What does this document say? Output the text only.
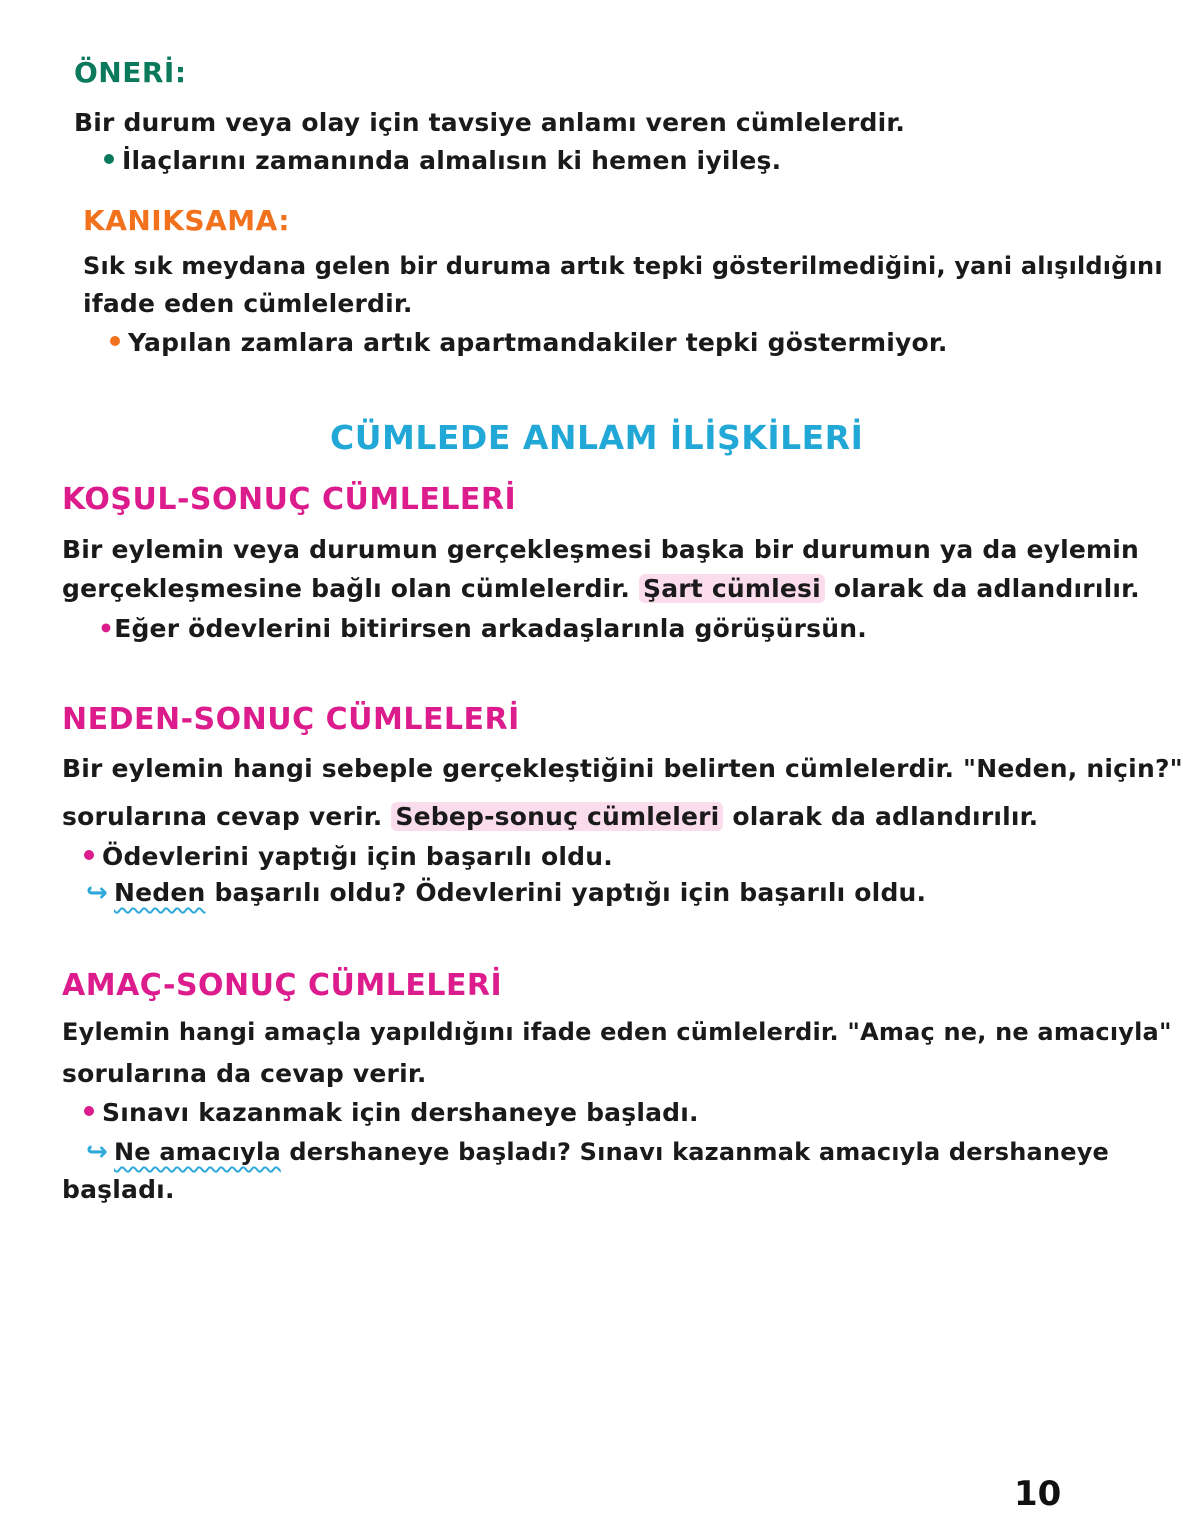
ÖNERİ:
Bir durum veya olay için tavsiye anlamı veren cümlelerdir.
İlaçlarını zamanında almalısın ki hemen iyileş.
KANIKSAMA:
Sık sık meydana gelen bir duruma artık tepki gösterilmediğini, yani alışıldığını
ifade eden cümlelerdir.
Yapılan zamlara artık apartmandakiler tepki göstermiyor.
CÜMLEDE ANLAM İLİŞKİLERİ
KOŞUL-SONUÇ CÜMLELERİ
Bir eylemin veya durumun gerçekleşmesi başka bir durumun ya da eylemin
gerçekleşmesine bağlı olan cümlelerdir. Şart cümlesi olarak da adlandırılır.
•Eğer ödevlerini bitirirsen arkadaşlarınla görüşürsün.
NEDEN-SONUÇ CÜMLELERİ
Bir eylemin hangi sebeple gerçekleştiğini belirten cümlelerdir. "Neden, niçin?"
sorularına cevap verir. Sebep-sonuç cümleleri olarak da adlandırılır.
Ödevlerini yaptığı için başarılı oldu.
↪ Neden başarılı oldu? Ödevlerini yaptığı için başarılı oldu.
AMAÇ-SONUÇ CÜMLELERİ
Eylemin hangi amaçla yapıldığını ifade eden cümlelerdir. "Amaç ne, ne amacıyla"
sorularına da cevap verir.
Sınavı kazanmak için dershaneye başladı.
↪ Ne amacıyla dershaneye başladı? Sınavı kazanmak amacıyla dershaneye
başladı.
10
